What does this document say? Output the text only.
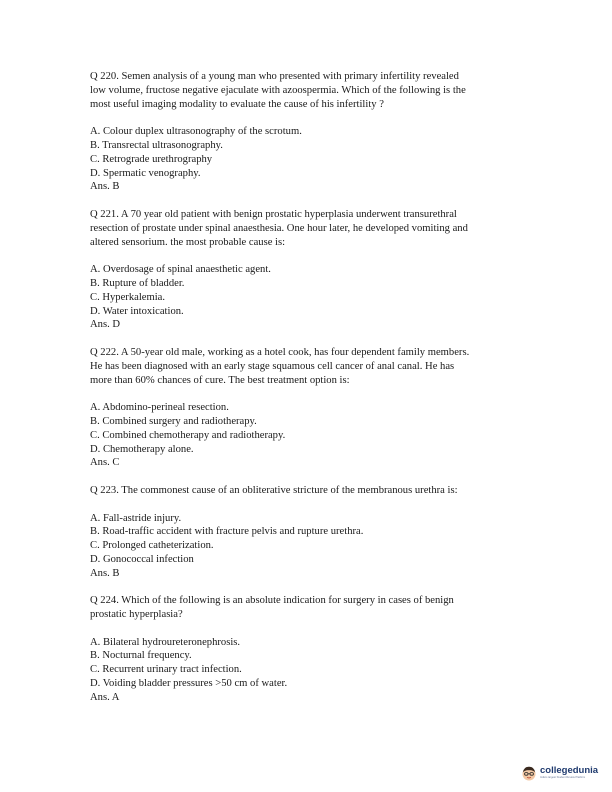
Q 220. Semen analysis of a young man who presented with primary infertility revealed
low volume, fructose negative ejaculate with azoospermia. Which of the following is the
most useful imaging modality to evaluate the cause of his infertility ?

A. Colour duplex ultrasonography of the scrotum.

B. Transrectal ultrasonography.

C. Retrograde urethrography

D. Spermatic venography.

Ans. B

Q 221. A 70 year old patient with benign prostatic hyperplasia underwent transurethral
resection of prostate under spinal anaesthesia. One hour later, he developed vomiting and
altered sensorium. the most probable cause is:

A. Overdosage of spinal anaesthetic agent.

B. Rupture of bladder.

C. Hyperkalemia.

D. Water intoxication.

Ans. D

Q 222. A 50-year old male, working as a hotel cook, has four dependent family members.
He has been diagnosed with an early stage squamous cell cancer of anal canal. He has
more than 60% chances of cure. The best treatment option is:

A. Abdomino-perineal resection.

B. Combined surgery and radiotherapy.

C. Combined chemotherapy and radiotherapy.

D. Chemotherapy alone.

Ans. C

Q 223. The commonest cause of an obliterative stricture of the membranous urethra is:

A. Fall-astride injury.

B. Road-traffic accident with fracture pelvis and rupture urethra.

C. Prolonged catheterization.

D. Gonococcal infection

Ans. B

Q 224. Which of the following is an absolute indication for surgery in cases of benign
prostatic hyperplasia?

A. Bilateral hydroureteronephrosis.

B. Nocturnal frequency.

C. Recurrent urinary tract infection.

D. Voiding bladder pressures >50 cm of water.

Ans. A

collegedunia
India's largest Student Review Platform
